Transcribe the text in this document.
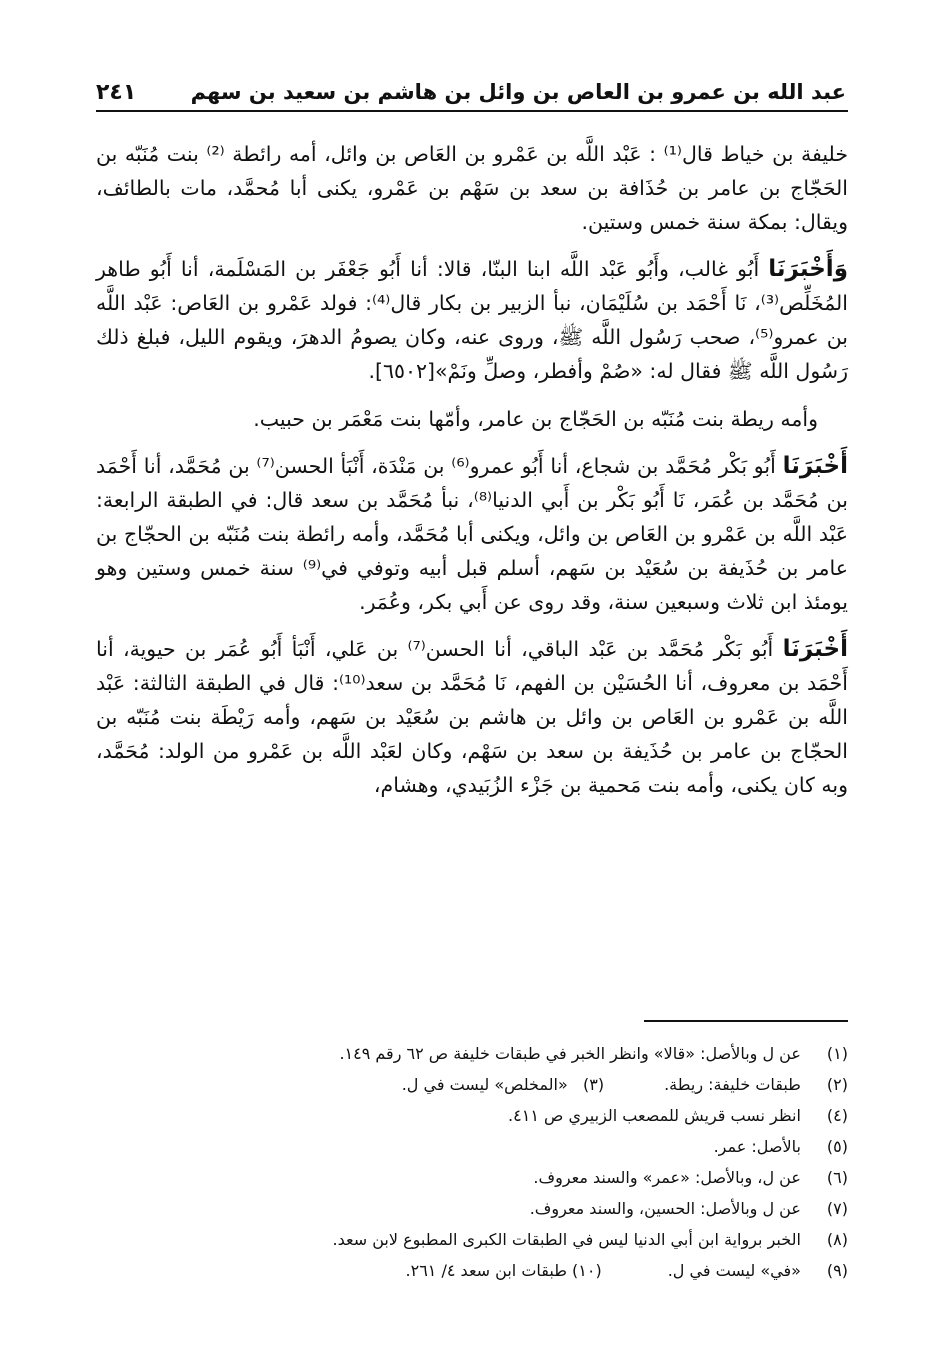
عبد الله بن عمرو بن العاص بن وائل بن هاشم بن سعيد بن سهم
٢٤١

خليفة بن خياط قال⁽¹⁾ : عَبْد اللَّه بن عَمْرو بن العَاص بن وائل، أمه رائطة ⁽²⁾ بنت مُنَبّه بن الحَجّاج بن عامر بن حُذَافة بن سعد بن سَهْم بن عَمْرو، يكنى أبا مُحمَّد، مات بالطائف، ويقال: بمكة سنة خمس وستين.

وَأَخْبَرَنَا أَبُو غالب، وأَبُو عَبْد اللَّه ابنا البنّا، قالا: أنا أَبُو جَعْفَر بن المَسْلَمة، أنا أَبُو طاهر المُخَلِّص⁽³⁾، نَا أَحْمَد بن سُلَيْمَان، نبأ الزبير بن بكار قال⁽⁴⁾: فولد عَمْرو بن العَاص: عَبْد اللَّه بن عمرو⁽⁵⁾، صحب رَسُول اللَّه ﷺ، وروى عنه، وكان يصومُ الدهرَ، ويقوم الليل، فبلغ ذلك رَسُول اللَّه ﷺ فقال له: «صُمْ وأفطر، وصلِّ ونَمْ»[٦٥٠٢].

وأمه ريطة بنت مُنَبّه بن الحَجّاج بن عامر، وأمّها بنت مَعْمَر بن حبيب.

أَخْبَرَنَا أَبُو بَكْر مُحَمَّد بن شجاع، أنا أَبُو عمرو⁽⁶⁾ بن مَنْدَة، أَنْبَأ الحسن⁽⁷⁾ بن مُحَمَّد، أنا أَحْمَد بن مُحَمَّد بن عُمَر، نَا أَبُو بَكْر بن أَبي الدنيا⁽⁸⁾، نبأ مُحَمَّد بن سعد قال: في الطبقة الرابعة: عَبْد اللَّه بن عَمْرو بن العَاص بن وائل، ويكنى أبا مُحَمَّد، وأمه رائطة بنت مُنَبّه بن الحجّاج بن عامر بن حُذَيفة بن سُعَيْد بن سَهم، أسلم قبل أبيه وتوفي في⁽⁹⁾ سنة خمس وستين وهو يومئذ ابن ثلاث وسبعين سنة، وقد روى عن أَبي بكر، وعُمَر.

أَخْبَرَنَا أَبُو بَكْر مُحَمَّد بن عَبْد الباقي، أنا الحسن⁽⁷⁾ بن عَلي، أَنْبَأ أَبُو عُمَر بن حيوية، أنا أَحْمَد بن معروف، أنا الحُسَيْن بن الفهم، نَا مُحَمَّد بن سعد⁽¹⁰⁾: قال في الطبقة الثالثة: عَبْد اللَّه بن عَمْرو بن العَاص بن وائل بن هاشم بن سُعَيْد بن سَهم، وأمه رَيْطَة بنت مُنَبّه بن الحجّاج بن عامر بن حُذَيفة بن سعد بن سَهْم، وكان لعَبْد اللَّه بن عَمْرو من الولد: مُحَمَّد، وبه كان يكنى، وأمه بنت مَحمية بن جَزْء الزُبَيدي، وهشام،

(١) عن ل وبالأصل: «قالا» وانظر الخبر في طبقات خليفة ص ٦٢ رقم ١٤٩.
(٢) طبقات خليفة: ريطة.(٣)   «المخلص» ليست في ل.
(٤) انظر نسب قريش للمصعب الزبيري ص ٤١١.
(٥) بالأصل: عمر.
(٦) عن ل، وبالأصل: «عمر» والسند معروف.
(٧) عن ل وبالأصل: الحسين، والسند معروف.
(٨) الخبر برواية ابن أبي الدنيا ليس في الطبقات الكبرى المطبوع لابن سعد.
(٩) «في» ليست في ل.(١٠) طبقات ابن سعد ٤/ ٢٦١.
